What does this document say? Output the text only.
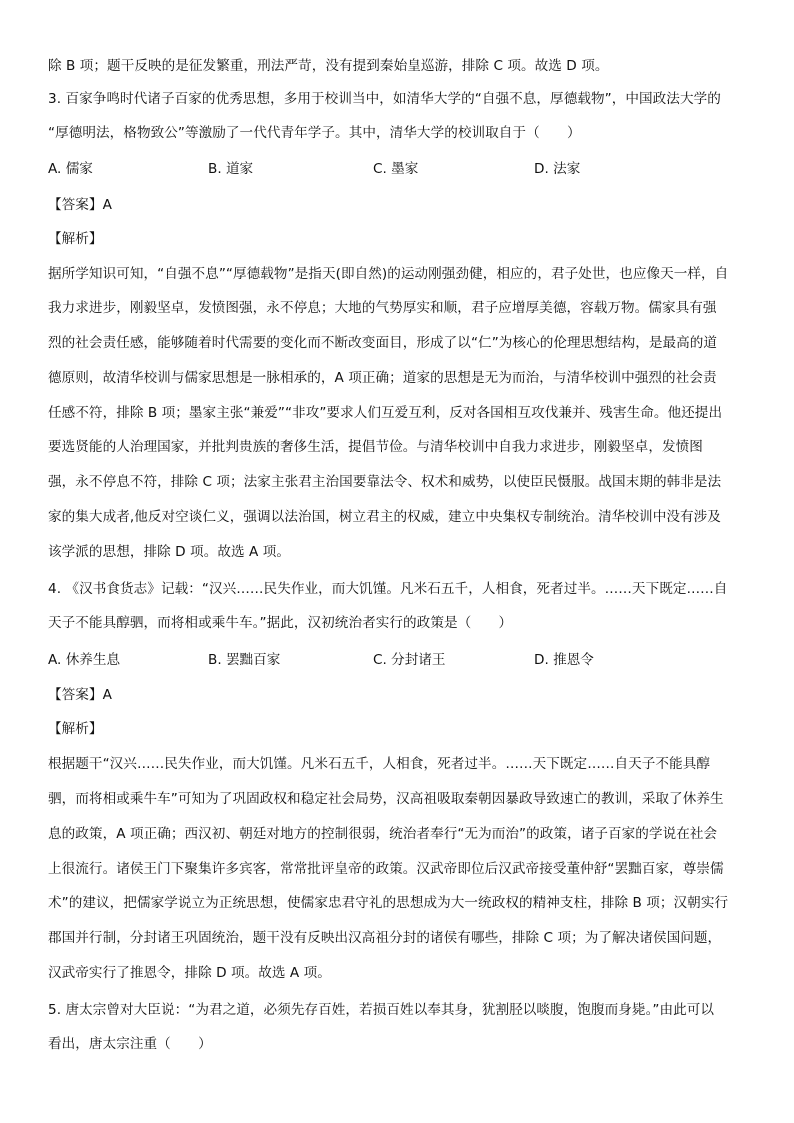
除 B 项；题干反映的是征发繁重，刑法严苛，没有提到秦始皇巡游，排除 C 项。故选 D 项。
3. 百家争鸣时代诸子百家的优秀思想，多用于校训当中，如清华大学的“自强不息，厚德载物”，中国政法大学的
“厚德明法，格物致公”等激励了一代代青年学子。其中，清华大学的校训取自于（　　）
A. 儒家	B. 道家	C. 墨家	D. 法家
【答案】A
【解析】
据所学知识可知，“自强不息”“厚德载物”是指天(即自然)的运动刚强劲健，相应的，君子处世，也应像天一样，自
我力求进步，刚毅坚卓，发愤图强，永不停息；大地的气势厚实和顺，君子应增厚美德，容载万物。儒家具有强
烈的社会责任感，能够随着时代需要的变化而不断改变面目，形成了以“仁”为核心的伦理思想结构，是最高的道
德原则，故清华校训与儒家思想是一脉相承的，A 项正确；道家的思想是无为而治，与清华校训中强烈的社会责
任感不符，排除 B 项；墨家主张“兼爱”“非攻”要求人们互爱互利，反对各国相互攻伐兼并、残害生命。他还提出
要选贤能的人治理国家，并批判贵族的奢侈生活，提倡节俭。与清华校训中自我力求进步，刚毅坚卓，发愤图
强，永不停息不符，排除 C 项；法家主张君主治国要靠法令、权术和威势，以使臣民慑服。战国末期的韩非是法
家的集大成者,他反对空谈仁义，强调以法治国，树立君主的权威，建立中央集权专制统治。清华校训中没有涉及
该学派的思想，排除 D 项。故选 A 项。
4. 《汉书食货志》记载：“汉兴……民失作业，而大饥馑。凡米石五千，人相食，死者过半。……天下既定……自
天子不能具醇驷，而将相或乘牛车。”据此，汉初统治者实行的政策是（　　）
A. 休养生息	B. 罢黜百家	C. 分封诸王	D. 推恩令
【答案】A
【解析】
根据题干“汉兴……民失作业，而大饥馑。凡米石五千，人相食，死者过半。……天下既定……自天子不能具醇
驷，而将相或乘牛车”可知为了巩固政权和稳定社会局势，汉高祖吸取秦朝因暴政导致速亡的教训，采取了休养生
息的政策，A 项正确；西汉初、朝廷对地方的控制很弱，统治者奉行“无为而治”的政策，诸子百家的学说在社会
上很流行。诸侯王门下聚集许多宾客，常常批评皇帝的政策。汉武帝即位后汉武帝接受董仲舒“罢黜百家，尊崇儒
术”的建议，把儒家学说立为正统思想，使儒家忠君守礼的思想成为大一统政权的精神支柱，排除 B 项；汉朝实行
郡国并行制，分封诸王巩固统治，题干没有反映出汉高祖分封的诸侯有哪些，排除 C 项；为了解决诸侯国问题，
汉武帝实行了推恩令，排除 D 项。故选 A 项。
5. 唐太宗曾对大臣说：“为君之道，必须先存百姓，若损百姓以奉其身，犹割胫以啖腹，饱腹而身毙。”由此可以
看出，唐太宗注重（　　）
